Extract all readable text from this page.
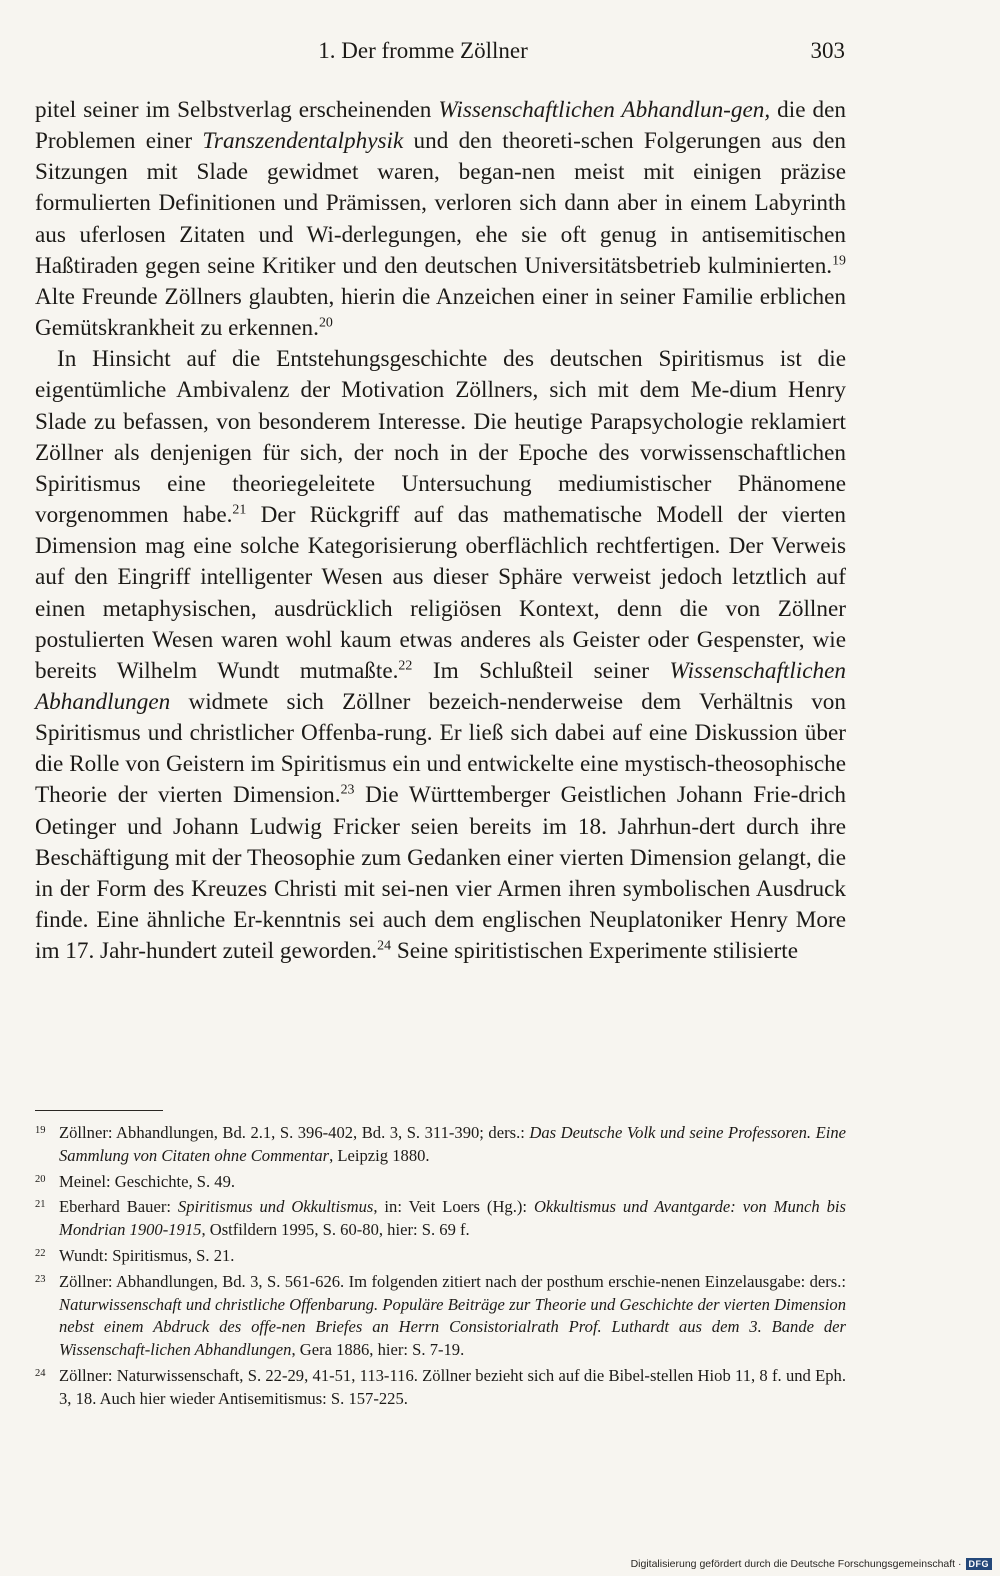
1. Der fromme Zöllner	303

pitel seiner im Selbstverlag erscheinenden Wissenschaftlichen Abhandlun-gen, die den Problemen einer Transzendentalphysik und den theoreti-schen Folgerungen aus den Sitzungen mit Slade gewidmet waren, began-nen meist mit einigen präzise formulierten Definitionen und Prämissen, verloren sich dann aber in einem Labyrinth aus uferlosen Zitaten und Wi-derlegungen, ehe sie oft genug in antisemitischen Haßtiraden gegen seine Kritiker und den deutschen Universitätsbetrieb kulminierten.$^{19}$ Alte Freunde Zöllners glaubten, hierin die Anzeichen einer in seiner Familie erblichen Gemütskrankheit zu erkennen.$^{20}$

In Hinsicht auf die Entstehungsgeschichte des deutschen Spiritismus ist die eigentümliche Ambivalenz der Motivation Zöllners, sich mit dem Me-dium Henry Slade zu befassen, von besonderem Interesse. Die heutige Parapsychologie reklamiert Zöllner als denjenigen für sich, der noch in der Epoche des vorwissenschaftlichen Spiritismus eine theoriegeleitete Untersuchung mediumistischer Phänomene vorgenommen habe.$^{21}$ Der Rückgriff auf das mathematische Modell der vierten Dimension mag eine solche Kategorisierung oberflächlich rechtfertigen. Der Verweis auf den Eingriff intelligenter Wesen aus dieser Sphäre verweist jedoch letztlich auf einen metaphysischen, ausdrücklich religiösen Kontext, denn die von Zöllner postulierten Wesen waren wohl kaum etwas anderes als Geister oder Gespenster, wie bereits Wilhelm Wundt mutmaßte.$^{22}$ Im Schlußteil seiner Wissenschaftlichen Abhandlungen widmete sich Zöllner bezeich-nenderweise dem Verhältnis von Spiritismus und christlicher Offenba-rung. Er ließ sich dabei auf eine Diskussion über die Rolle von Geistern im Spiritismus ein und entwickelte eine mystisch-theosophische Theorie der vierten Dimension.$^{23}$ Die Württemberger Geistlichen Johann Frie-drich Oetinger und Johann Ludwig Fricker seien bereits im 18. Jahrhun-dert durch ihre Beschäftigung mit der Theosophie zum Gedanken einer vierten Dimension gelangt, die in der Form des Kreuzes Christi mit sei-nen vier Armen ihren symbolischen Ausdruck finde. Eine ähnliche Er-kenntnis sei auch dem englischen Neuplatoniker Henry More im 17. Jahr-hundert zuteil geworden.$^{24}$ Seine spiritistischen Experimente stilisierte

19 Zöllner: Abhandlungen, Bd. 2.1, S. 396-402, Bd. 3, S. 311-390; ders.: Das Deutsche Volk und seine Professoren. Eine Sammlung von Citaten ohne Commentar, Leipzig 1880.
20 Meinel: Geschichte, S. 49.
21 Eberhard Bauer: Spiritismus und Okkultismus, in: Veit Loers (Hg.): Okkultismus und Avantgarde: von Munch bis Mondrian 1900-1915, Ostfildern 1995, S. 60-80, hier: S. 69 f.
22 Wundt: Spiritismus, S. 21.
23 Zöllner: Abhandlungen, Bd. 3, S. 561-626. Im folgenden zitiert nach der posthum erschie-nenen Einzelausgabe: ders.: Naturwissenschaft und christliche Offenbarung. Populäre Beiträge zur Theorie und Geschichte der vierten Dimension nebst einem Abdruck des offe-nen Briefes an Herrn Consistorialrath Prof. Luthardt aus dem 3. Bande der Wissenschaft-lichen Abhandlungen, Gera 1886, hier: S. 7-19.
24 Zöllner: Naturwissenschaft, S. 22-29, 41-51, 113-116. Zöllner bezieht sich auf die Bibel-stellen Hiob 11, 8 f. und Eph. 3, 18. Auch hier wieder Antisemitismus: S. 157-225.
Digitalisierung gefördert durch die Deutsche Forschungsgemeinschaft · DFG
